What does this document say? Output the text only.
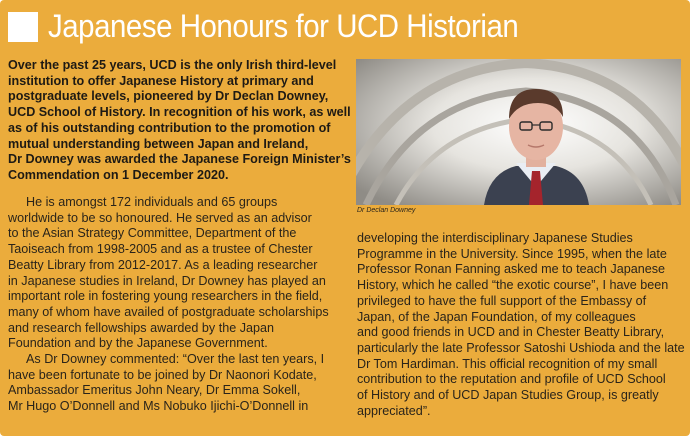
Japanese Honours for UCD Historian
Over the past 25 years, UCD is the only Irish third-level
institution to offer Japanese History at primary and
postgraduate levels, pioneered by Dr Declan Downey,
UCD School of History. In recognition of his work, as well
as of his outstanding contribution to the promotion of
mutual understanding between Japan and Ireland,
Dr Downey was awarded the Japanese Foreign Minister’s
Commendation on 1 December 2020.
Dr Declan Downey
He is amongst 172 individuals and 65 groups
worldwide to be so honoured. He served as an advisor
to the Asian Strategy Committee, Department of the
Taoiseach from 1998-2005 and as a trustee of Chester
Beatty Library from 2012-2017. As a leading researcher
in Japanese studies in Ireland, Dr Downey has played an
important role in fostering young researchers in the field,
many of whom have availed of postgraduate scholarships
and research fellowships awarded by the Japan
Foundation and by the Japanese Government.
As Dr Downey commented: “Over the last ten years, I
have been fortunate to be joined by Dr Naonori Kodate,
Ambassador Emeritus John Neary, Dr Emma Sokell,
Mr Hugo O’Donnell and Ms Nobuko Ijichi-O’Donnell in
developing the interdisciplinary Japanese Studies
Programme in the University. Since 1995, when the late
Professor Ronan Fanning asked me to teach Japanese
History, which he called “the exotic course”, I have been
privileged to have the full support of the Embassy of
Japan, of the Japan Foundation, of my colleagues
and good friends in UCD and in Chester Beatty Library,
particularly the late Professor Satoshi Ushioda and the late
Dr Tom Hardiman. This official recognition of my small
contribution to the reputation and profile of UCD School
of History and of UCD Japan Studies Group, is greatly
appreciated”.
